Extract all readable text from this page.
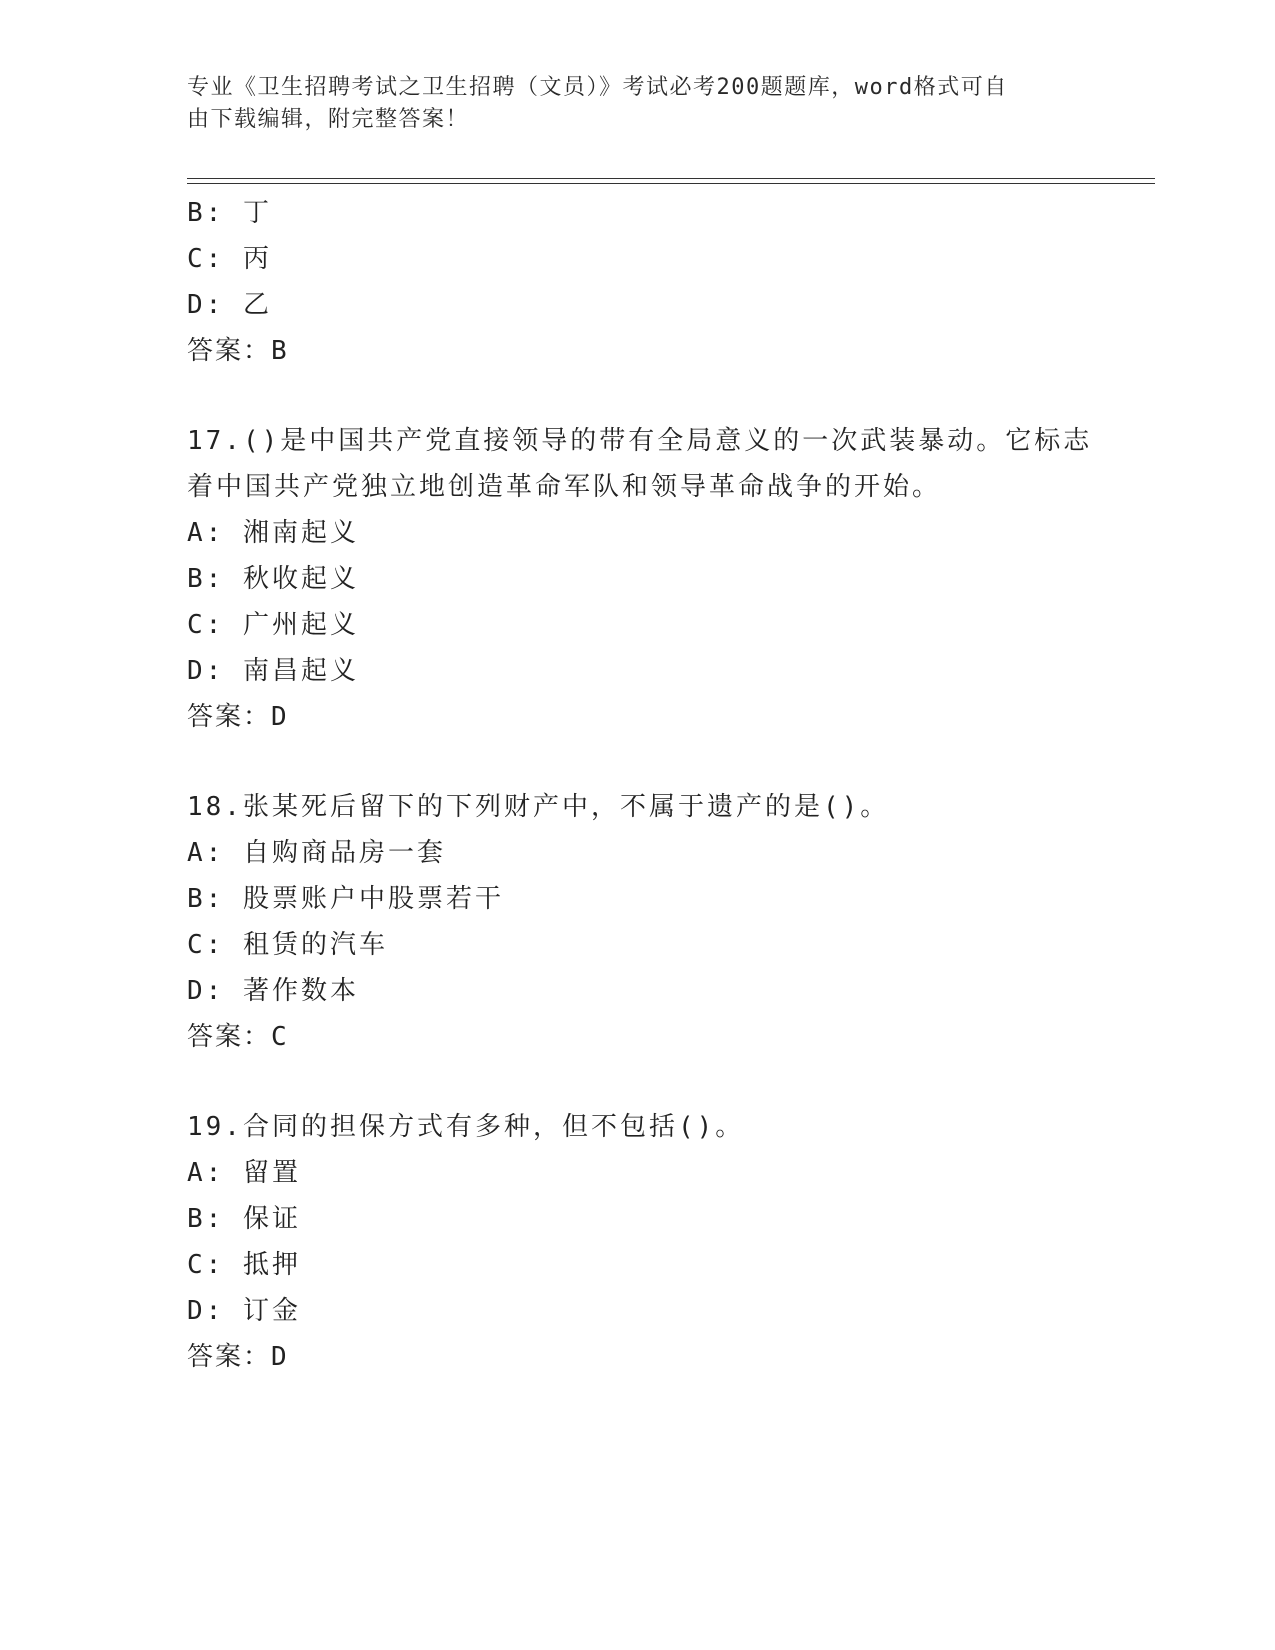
专业《卫生招聘考试之卫生招聘（文员）》考试必考200题题库，word格式可自
由下载编辑，附完整答案！
B: 丁
C: 丙
D: 乙
答案：B
17.()是中国共产党直接领导的带有全局意义的一次武装暴动。它标志
着中国共产党独立地创造革命军队和领导革命战争的开始。
A: 湘南起义
B: 秋收起义
C: 广州起义
D: 南昌起义
答案：D
18.张某死后留下的下列财产中，不属于遗产的是()。
A: 自购商品房一套
B: 股票账户中股票若干
C: 租赁的汽车
D: 著作数本
答案：C
19.合同的担保方式有多种，但不包括()。
A: 留置
B: 保证
C: 抵押
D: 订金
答案：D
